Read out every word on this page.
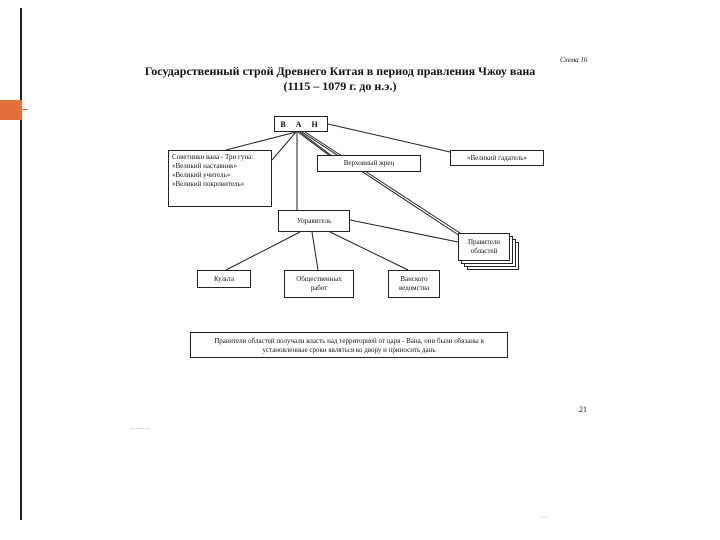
Схема 16
Государственный строй Древнего Китая в период правления Чжоу вана
(1115 – 1079 г. до н.э.)
В А Н
Советники вана - Три гуна:
«Великий наставник»
«Великий учитель»
«Великий покровитель»
Верховный жрец
«Великий гадатель»
Управитель
Правители областей
Культа	Общественных работ
Ванского ведомства
Правители областей получали власть над территорией от царя - Вана, они были обязаны в установленные сроки являться ко двору и приносить дань
21
